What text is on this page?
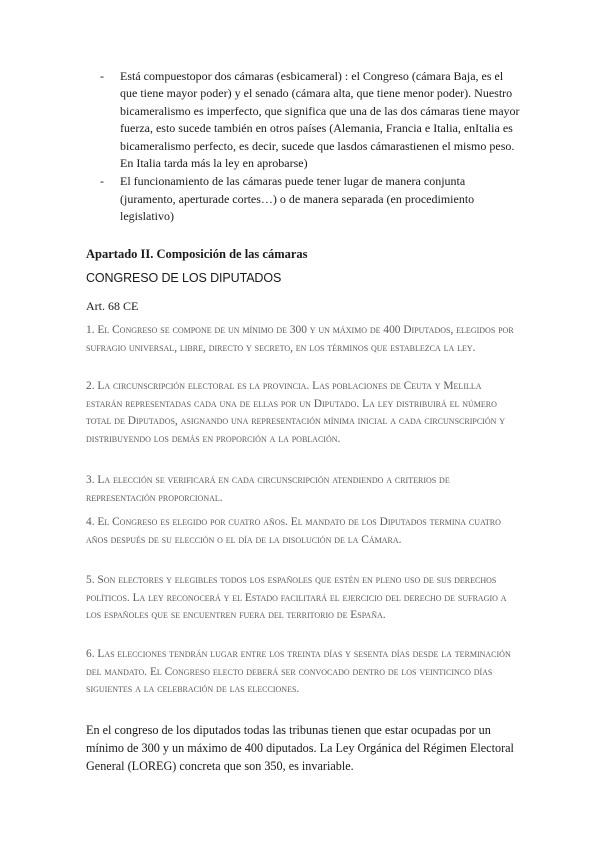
- Está compuestopor dos cámaras (esbicameral) : el Congreso (cámara Baja, es el que tiene mayor poder) y el senado (cámara alta, que tiene menor poder). Nuestro bicameralismo es imperfecto, que significa que una de las dos cámaras tiene mayor fuerza, esto sucede también en otros países (Alemania, Francia e Italia, enItalia es bicameralismo perfecto, es decir, sucede que lasdos cámarastienen el mismo peso. En Italia tarda más la ley en aprobarse)
- El funcionamiento de las cámaras puede tener lugar de manera conjunta (juramento, aperturade cortes…) o de manera separada (en procedimiento legislativo)
Apartado II. Composición de las cámaras
CONGRESO DE LOS DIPUTADOS
Art. 68 CE

1. El Congreso se compone de un mínimo de 300 y un máximo de 400 Diputados, elegidos por sufragio universal, libre, directo y secreto, en los términos que establezca la ley.

2. La circunscripción electoral es la provincia. Las poblaciones de Ceuta y Melilla estarán representadas cada una de ellas por un Diputado. La ley distribuirá el número total de Diputados, asignando una representación mínima inicial a cada circunscripción y distribuyendo los demás en proporción a la población.

3. La elección se verificará en cada circunscripción atendiendo a criterios de representación proporcional.

4. El Congreso es elegido por cuatro años. El mandato de los Diputados termina cuatro años después de su elección o el día de la disolución de la Cámara.

5. Son electores y elegibles todos los españoles que estén en pleno uso de sus derechos políticos. La ley reconocerá y el Estado facilitará el ejercicio del derecho de sufragio a los españoles que se encuentren fuera del territorio de España.

6. Las elecciones tendrán lugar entre los treinta días y sesenta días desde la terminación del mandato. El Congreso electo deberá ser convocado dentro de los veinticinco días siguientes a la celebración de las elecciones.

En el congreso de los diputados todas las tribunas tienen que estar ocupadas por un mínimo de 300 y un máximo de 400 diputados. La Ley Orgánica del Régimen Electoral General (LOREG) concreta que son 350, es invariable.
